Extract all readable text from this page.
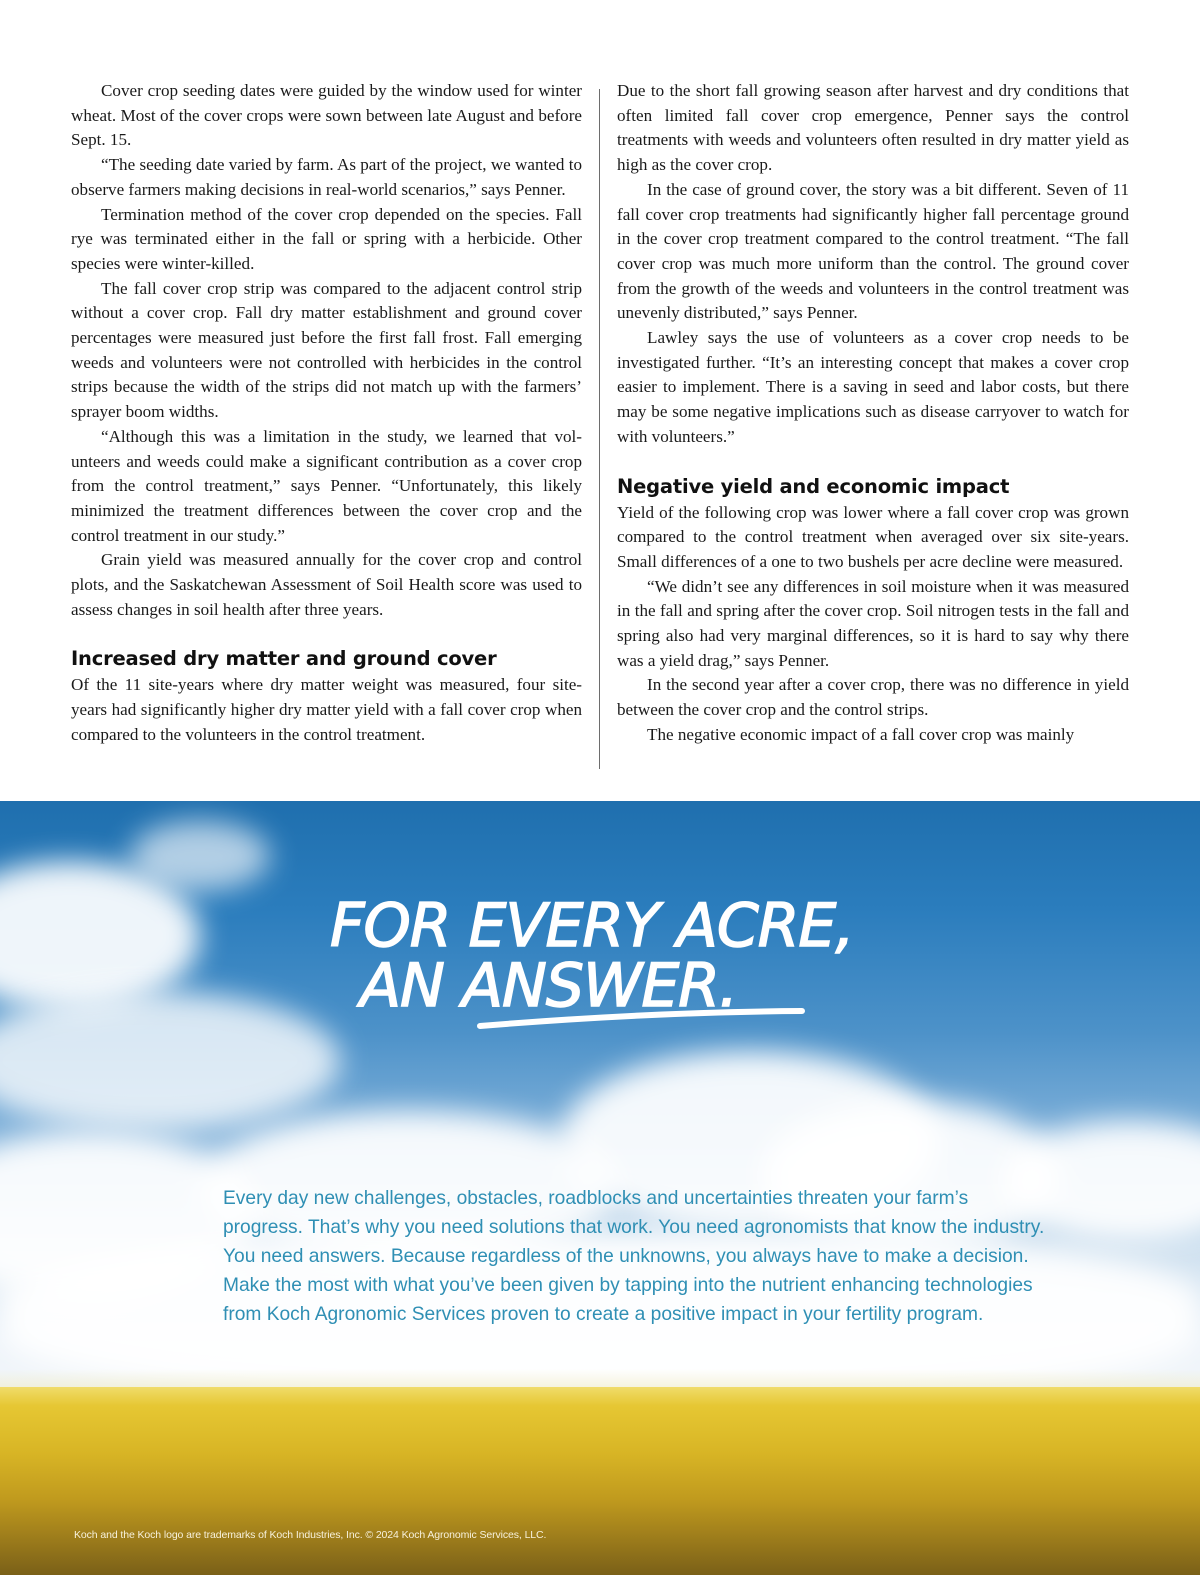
Cover crop seeding dates were guided by the window used for winter wheat. Most of the cover crops were sown between late August and before Sept. 15.

“The seeding date varied by farm. As part of the project, we wanted to observe farmers making decisions in real-world scenarios,” says Penner.

Termination method of the cover crop depended on the species. Fall rye was terminated either in the fall or spring with a herbicide. Other species were winter-killed.

The fall cover crop strip was compared to the adjacent control strip without a cover crop. Fall dry matter establishment and ground cover percentages were measured just before the first fall frost. Fall emerging weeds and volunteers were not controlled with herbicides in the control strips because the width of the strips did not match up with the farmers’ sprayer boom widths.

“Although this was a limitation in the study, we learned that volunteers and weeds could make a significant contribution as a cover crop from the control treatment,” says Penner. “Unfortunately, this likely minimized the treatment differences between the cover crop and the control treatment in our study.”

Grain yield was measured annually for the cover crop and control plots, and the Saskatchewan Assessment of Soil Health score was used to assess changes in soil health after three years.

Increased dry matter and ground cover

Of the 11 site-years where dry matter weight was measured, four site-years had significantly higher dry matter yield with a fall cover crop when compared to the volunteers in the control treatment.

Due to the short fall growing season after harvest and dry conditions that often limited fall cover crop emergence, Penner says the control treatments with weeds and volunteers often resulted in dry matter yield as high as the cover crop.

In the case of ground cover, the story was a bit different. Seven of 11 fall cover crop treatments had significantly higher fall percentage ground in the cover crop treatment compared to the control treatment. “The fall cover crop was much more uniform than the control. The ground cover from the growth of the weeds and volunteers in the control treatment was unevenly distributed,” says Penner.

Lawley says the use of volunteers as a cover crop needs to be investigated further. “It’s an interesting concept that makes a cover crop easier to implement. There is a saving in seed and labor costs, but there may be some negative implications such as disease carryover to watch for with volunteers.”

Negative yield and economic impact

Yield of the following crop was lower where a fall cover crop was grown compared to the control treatment when averaged over six site-years. Small differences of a one to two bushels per acre decline were measured.

“We didn’t see any differences in soil moisture when it was measured in the fall and spring after the cover crop. Soil nitrogen tests in the fall and spring also had very marginal differences, so it is hard to say why there was a yield drag,” says Penner.

In the second year after a cover crop, there was no difference in yield between the cover crop and the control strips.

The negative economic impact of a fall cover crop was mainly

FOR EVERY ACRE,
AN ANSWER.
Every day new challenges, obstacles, roadblocks and uncertainties threaten your farm’s
progress. That’s why you need solutions that work. You need agronomists that know the industry.
You need answers. Because regardless of the unknowns, you always have to make a decision.
Make the most with what you’ve been given by tapping into the nutrient enhancing technologies
from Koch Agronomic Services proven to create a positive impact in your fertility program.
Koch and the Koch logo are trademarks of Koch Industries, Inc. © 2024 Koch Agronomic Services, LLC.
